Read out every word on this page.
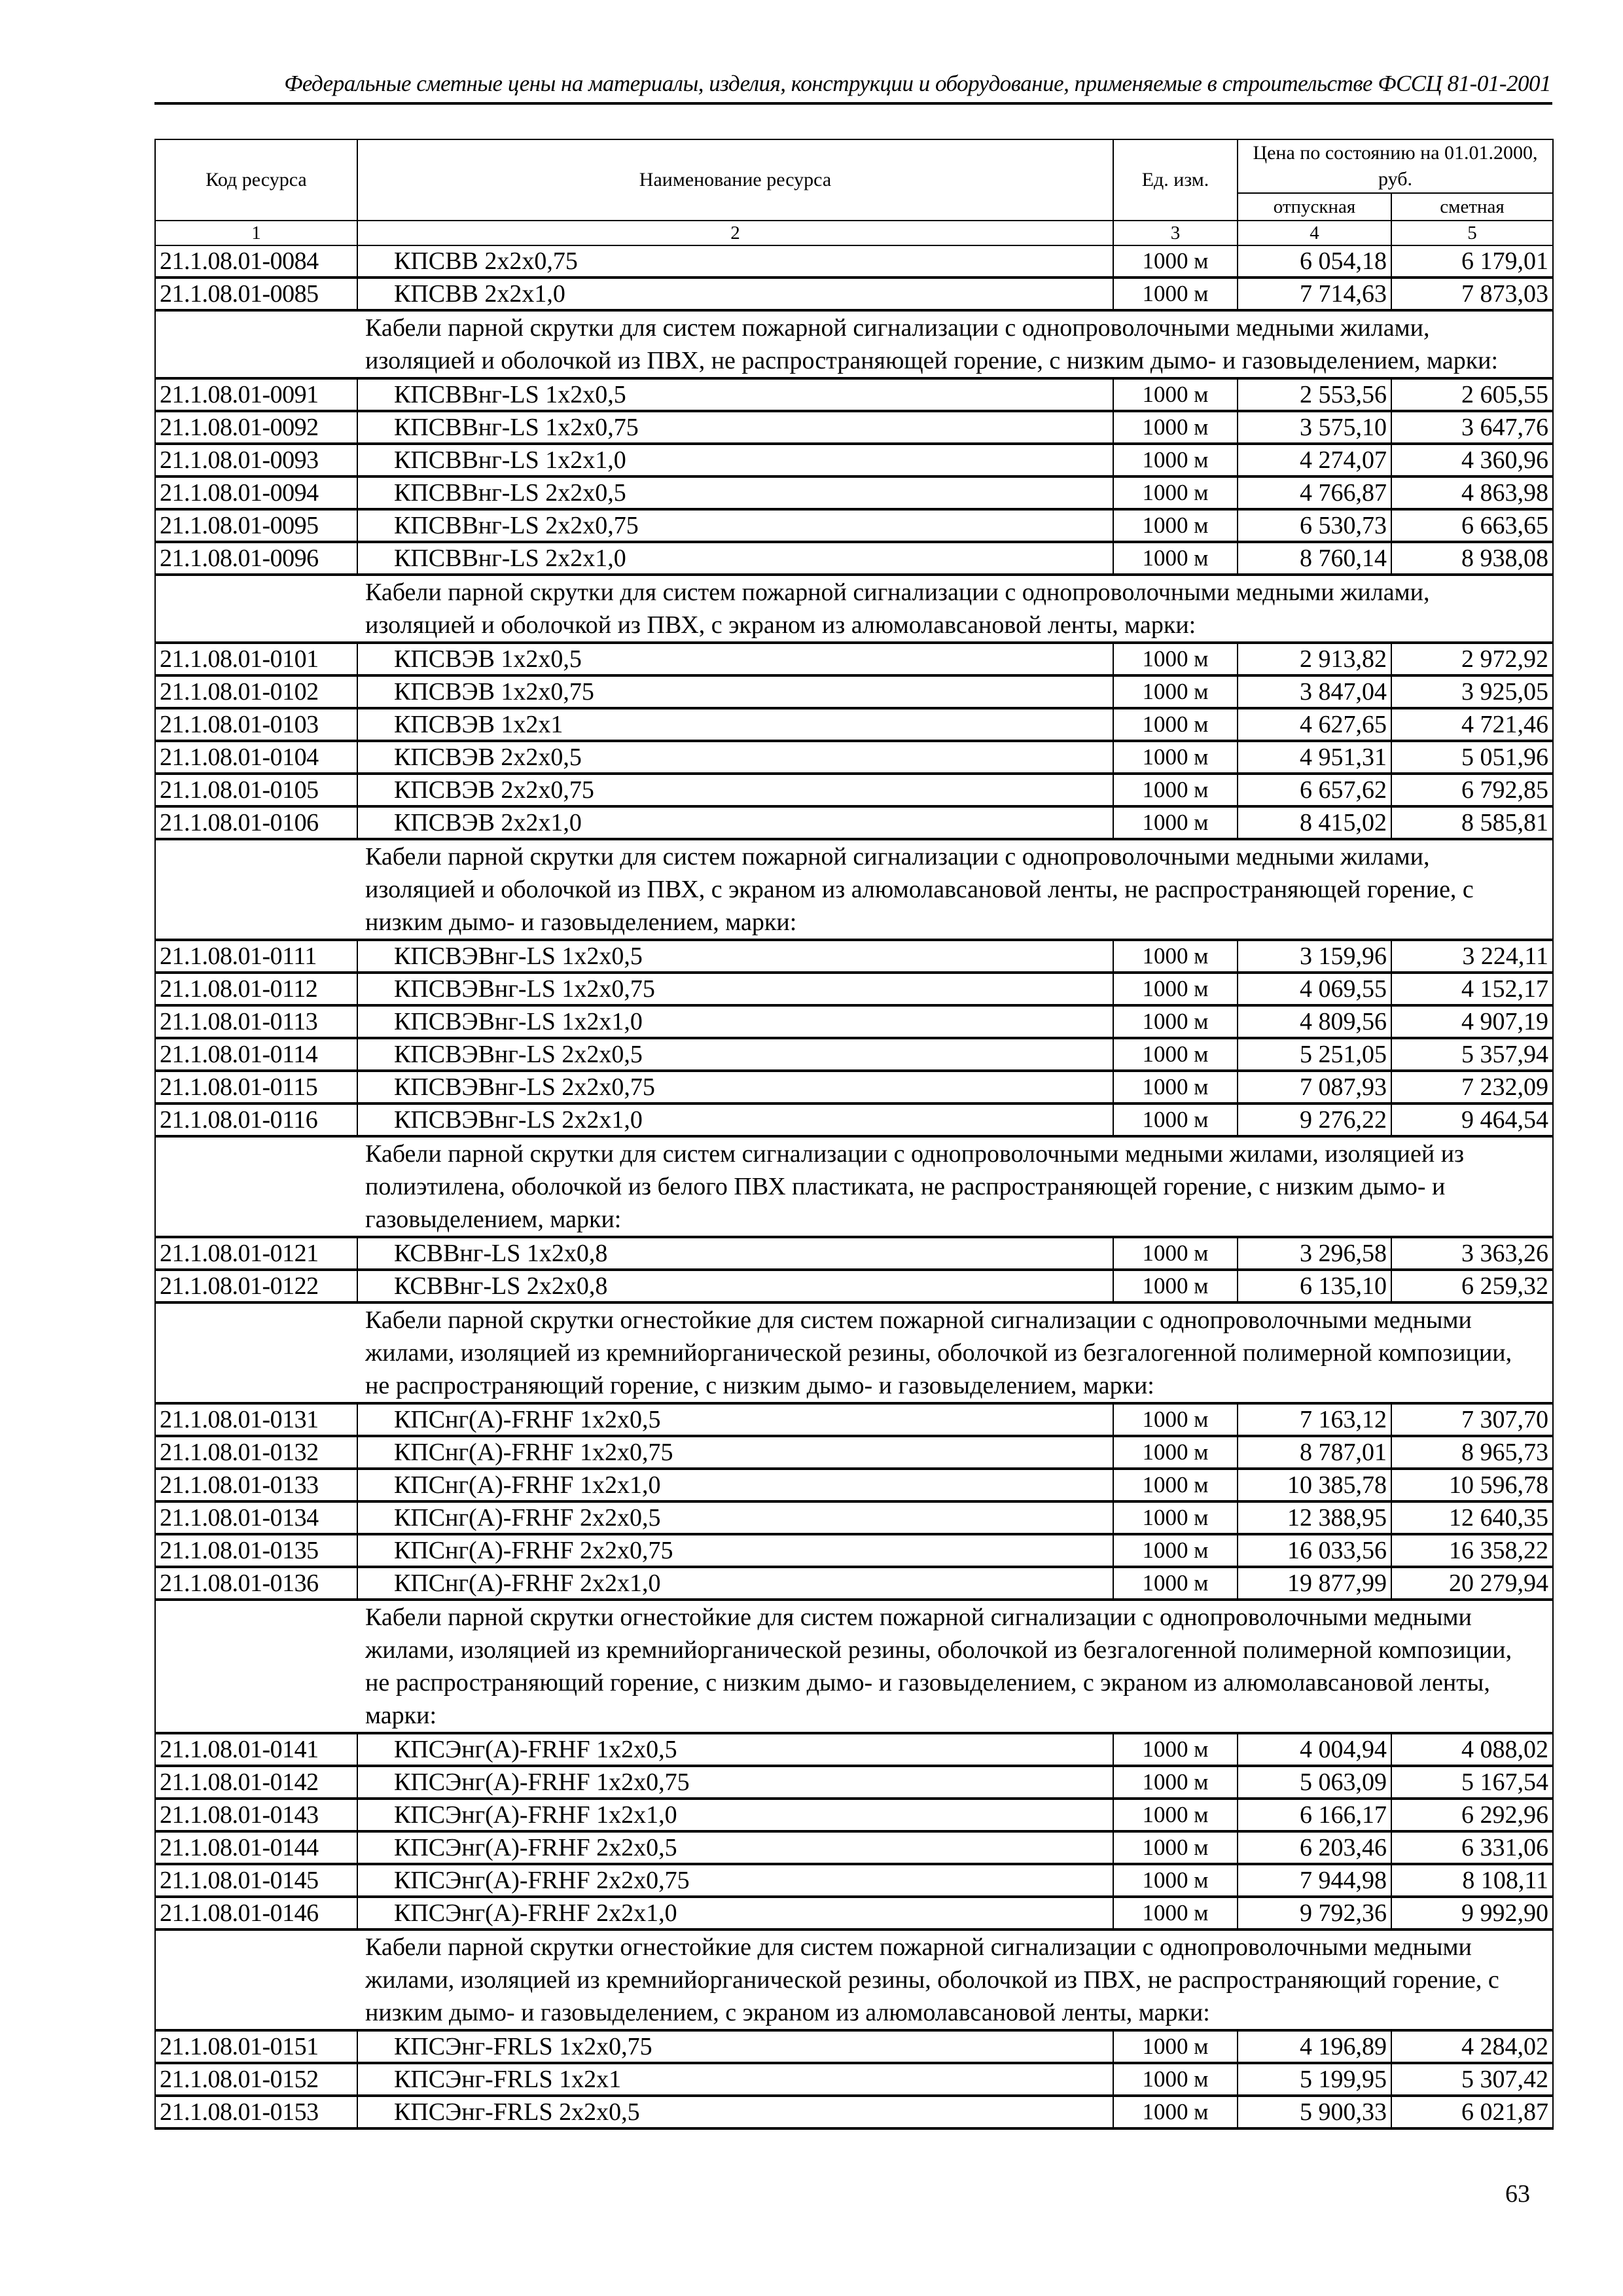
Федеральные сметные цены на материалы, изделия, конструкции и оборудование, применяемые в строительстве ФССЦ 81-01-2001
Код ресурса	Наименование ресурса	Ед. изм.	Цена по состоянию на 01.01.2000, руб.	
			отпускная	сметная
1	2	3	4	5
21.1.08.01-0084	КПСВВ 2х2х0,75	1000 м	6 054,18	6 179,01
21.1.08.01-0085	КПСВВ 2х2х1,0	1000 м	7 714,63	7 873,03
	Кабели парной скрутки для систем пожарной сигнализации с однопроволочными медными жилами, изоляцией и оболочкой из ПВХ, не распространяющей горение, с низким дымо- и газовыделением, марки:			
21.1.08.01-0091	КПСВВнг-LS 1х2х0,5	1000 м	2 553,56	2 605,55
21.1.08.01-0092	КПСВВнг-LS 1х2х0,75	1000 м	3 575,10	3 647,76
21.1.08.01-0093	КПСВВнг-LS 1х2х1,0	1000 м	4 274,07	4 360,96
21.1.08.01-0094	КПСВВнг-LS 2х2х0,5	1000 м	4 766,87	4 863,98
21.1.08.01-0095	КПСВВнг-LS 2х2х0,75	1000 м	6 530,73	6 663,65
21.1.08.01-0096	КПСВВнг-LS 2х2х1,0	1000 м	8 760,14	8 938,08
	Кабели парной скрутки для систем пожарной сигнализации с однопроволочными медными жилами, изоляцией и оболочкой из ПВХ, с экраном из алюмолавсановой ленты, марки:			
21.1.08.01-0101	КПСВЭВ 1х2х0,5	1000 м	2 913,82	2 972,92
21.1.08.01-0102	КПСВЭВ 1х2х0,75	1000 м	3 847,04	3 925,05
21.1.08.01-0103	КПСВЭВ 1х2х1	1000 м	4 627,65	4 721,46
21.1.08.01-0104	КПСВЭВ 2х2х0,5	1000 м	4 951,31	5 051,96
21.1.08.01-0105	КПСВЭВ 2х2х0,75	1000 м	6 657,62	6 792,85
21.1.08.01-0106	КПСВЭВ 2х2х1,0	1000 м	8 415,02	8 585,81
	Кабели парной скрутки для систем пожарной сигнализации с однопроволочными медными жилами, изоляцией и оболочкой из ПВХ, с экраном из алюмолавсановой ленты, не распространяющей горение, с низким дымо- и газовыделением, марки:			
21.1.08.01-0111	КПСВЭВнг-LS 1х2х0,5	1000 м	3 159,96	3 224,11
21.1.08.01-0112	КПСВЭВнг-LS 1х2х0,75	1000 м	4 069,55	4 152,17
21.1.08.01-0113	КПСВЭВнг-LS 1х2х1,0	1000 м	4 809,56	4 907,19
21.1.08.01-0114	КПСВЭВнг-LS 2х2х0,5	1000 м	5 251,05	5 357,94
21.1.08.01-0115	КПСВЭВнг-LS 2х2х0,75	1000 м	7 087,93	7 232,09
21.1.08.01-0116	КПСВЭВнг-LS 2х2х1,0	1000 м	9 276,22	9 464,54
	Кабели парной скрутки для систем сигнализации с однопроволочными медными жилами, изоляцией из полиэтилена, оболочкой из белого ПВХ пластиката, не распространяющей горение, с низким дымо- и газовыделением, марки:			
21.1.08.01-0121	КСВВнг-LS 1х2х0,8	1000 м	3 296,58	3 363,26
21.1.08.01-0122	КСВВнг-LS 2х2х0,8	1000 м	6 135,10	6 259,32
	Кабели парной скрутки огнестойкие для систем пожарной сигнализации с однопроволочными медными жилами, изоляцией из кремнийорганической резины, оболочкой из безгалогенной полимерной композиции, не распространяющий горение, с низким дымо- и газовыделением, марки:			
21.1.08.01-0131	КПСнг(А)-FRHF 1х2х0,5	1000 м	7 163,12	7 307,70
21.1.08.01-0132	КПСнг(А)-FRHF 1х2х0,75	1000 м	8 787,01	8 965,73
21.1.08.01-0133	КПСнг(А)-FRHF 1х2х1,0	1000 м	10 385,78	10 596,78
21.1.08.01-0134	КПСнг(А)-FRHF 2х2х0,5	1000 м	12 388,95	12 640,35
21.1.08.01-0135	КПСнг(А)-FRHF 2х2х0,75	1000 м	16 033,56	16 358,22
21.1.08.01-0136	КПСнг(А)-FRHF 2х2х1,0	1000 м	19 877,99	20 279,94
	Кабели парной скрутки огнестойкие для систем пожарной сигнализации с однопроволочными медными жилами, изоляцией из кремнийорганической резины, оболочкой из безгалогенной полимерной композиции, не распространяющий горение, с низким дымо- и газовыделением, с экраном из алюмолавсановой ленты, марки:			
21.1.08.01-0141	КПСЭнг(А)-FRHF 1х2х0,5	1000 м	4 004,94	4 088,02
21.1.08.01-0142	КПСЭнг(А)-FRHF 1х2х0,75	1000 м	5 063,09	5 167,54
21.1.08.01-0143	КПСЭнг(А)-FRHF 1х2х1,0	1000 м	6 166,17	6 292,96
21.1.08.01-0144	КПСЭнг(А)-FRHF 2х2х0,5	1000 м	6 203,46	6 331,06
21.1.08.01-0145	КПСЭнг(А)-FRHF 2х2х0,75	1000 м	7 944,98	8 108,11
21.1.08.01-0146	КПСЭнг(А)-FRHF 2х2х1,0	1000 м	9 792,36	9 992,90
	Кабели парной скрутки огнестойкие для систем пожарной сигнализации с однопроволочными медными жилами, изоляцией из кремнийорганической резины, оболочкой из ПВХ, не распространяющий горение, с низким дымо- и газовыделением, с экраном из алюмолавсановой ленты, марки:			
21.1.08.01-0151	КПСЭнг-FRLS 1х2х0,75	1000 м	4 196,89	4 284,02
21.1.08.01-0152	КПСЭнг-FRLS 1х2х1	1000 м	5 199,95	5 307,42
21.1.08.01-0153	КПСЭнг-FRLS 2х2х0,5	1000 м	5 900,33	6 021,87
63
